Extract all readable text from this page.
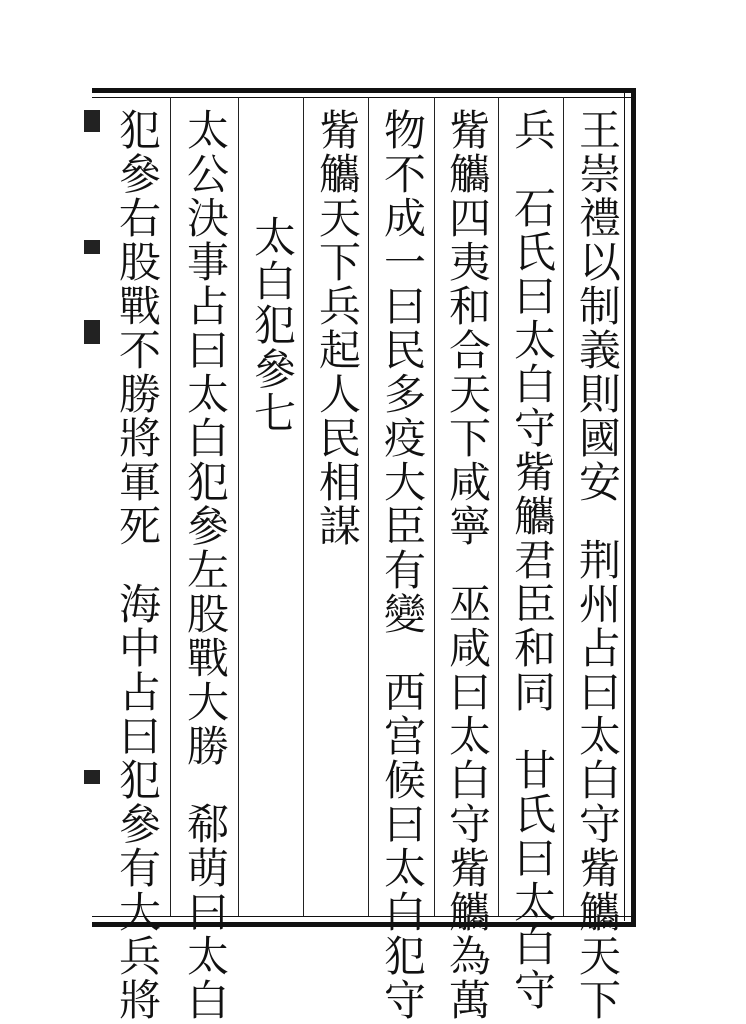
王崇禮以制義則國安荆州占曰太白守觜觿天下
兵石氏曰太白守觜觿君臣和同甘氏曰太白守
觜觿四夷和合天下咸寧巫咸曰太白守觜觿為萬
物不成一曰民多疫大臣有變西宫候曰太白犯守
觜觿天下兵起人民相謀
太白犯參七
太公決事占曰太白犯參左股戰大勝郗萌曰太白
犯參右股戰不勝將軍死海中占曰犯參有大兵將
